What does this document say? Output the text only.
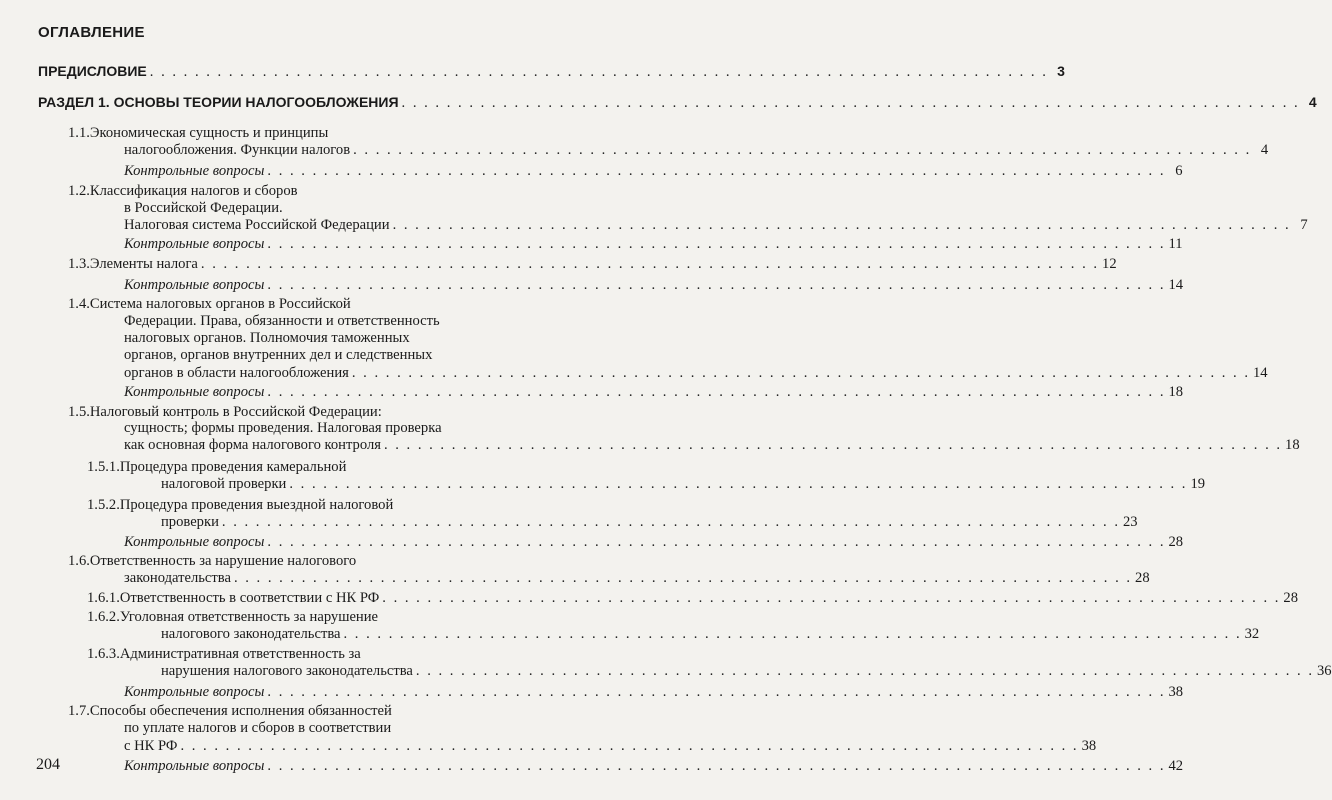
ОГЛАВЛЕНИЕ
ПРЕДИСЛОВИЕ . . . . . . . . . . . . . . . . . . . . . . . . . . . . . . . . . . . . . . . . . . . . . . . . . . . . . . . . . . . . . . . . . . . . . . . . . . . . . . . . 3
РАЗДЕЛ 1. ОСНОВЫ ТЕОРИИ НАЛОГООБЛОЖЕНИЯ . . . . . . . . . . . . . . . . . . . . . . . . . . . . . . . . . . . . . . . . . . . . . . . . . . . . . . . . . . . . . . . . . . . . . . . . . . . . . . . . 4
1.1.Экономическая сущность и принципы
налогообложения. Функции налогов . . . . . . . . . . . . . . . . . . . . . . . . . . . . . . . . . . . . . . . . . . . . . . . . . . . . . . . . . . . . . . . . . . . . . . . . . . . . . . . . 4
Контрольные вопросы . . . . . . . . . . . . . . . . . . . . . . . . . . . . . . . . . . . . . . . . . . . . . . . . . . . . . . . . . . . . . . . . . . . . . . . . . . . . . . . . 6
1.2.Классификация налогов и сборов
в Российской Федерации.
Налоговая система Российской Федерации . . . . . . . . . . . . . . . . . . . . . . . . . . . . . . . . . . . . . . . . . . . . . . . . . . . . . . . . . . . . . . . . . . . . . . . . . . . . . . . . 7
Контрольные вопросы . . . . . . . . . . . . . . . . . . . . . . . . . . . . . . . . . . . . . . . . . . . . . . . . . . . . . . . . . . . . . . . . . . . . . . . . . . . . . . . . 11
1.3. Элементы налога . . . . . . . . . . . . . . . . . . . . . . . . . . . . . . . . . . . . . . . . . . . . . . . . . . . . . . . . . . . . . . . . . . . . . . . . . . . . . . . . 12
Контрольные вопросы . . . . . . . . . . . . . . . . . . . . . . . . . . . . . . . . . . . . . . . . . . . . . . . . . . . . . . . . . . . . . . . . . . . . . . . . . . . . . . . . 14
1.4.Система налоговых органов в Российской
Федерации. Права, обязанности и ответственность
налоговых органов. Полномочия таможенных
органов, органов внутренних дел и следственных
органов в области налогообложения . . . . . . . . . . . . . . . . . . . . . . . . . . . . . . . . . . . . . . . . . . . . . . . . . . . . . . . . . . . . . . . . . . . . . . . . . . . . . . . . 14
Контрольные вопросы . . . . . . . . . . . . . . . . . . . . . . . . . . . . . . . . . . . . . . . . . . . . . . . . . . . . . . . . . . . . . . . . . . . . . . . . . . . . . . . . 18
1.5.Налоговый контроль в Российской Федерации:
сущность; формы проведения. Налоговая проверка
как основная форма налогового контроля . . . . . . . . . . . . . . . . . . . . . . . . . . . . . . . . . . . . . . . . . . . . . . . . . . . . . . . . . . . . . . . . . . . . . . . . . . . . . . . . 18
1.5.1.Процедура проведения камеральной
налоговой проверки . . . . . . . . . . . . . . . . . . . . . . . . . . . . . . . . . . . . . . . . . . . . . . . . . . . . . . . . . . . . . . . . . . . . . . . . . . . . . . . . 19
1.5.2.Процедура проведения выездной налоговой
проверки . . . . . . . . . . . . . . . . . . . . . . . . . . . . . . . . . . . . . . . . . . . . . . . . . . . . . . . . . . . . . . . . . . . . . . . . . . . . . . . . 23
Контрольные вопросы . . . . . . . . . . . . . . . . . . . . . . . . . . . . . . . . . . . . . . . . . . . . . . . . . . . . . . . . . . . . . . . . . . . . . . . . . . . . . . . . 28
1.6.Ответственность за нарушение налогового
законодательства . . . . . . . . . . . . . . . . . . . . . . . . . . . . . . . . . . . . . . . . . . . . . . . . . . . . . . . . . . . . . . . . . . . . . . . . . . . . . . . . 28
1.6.1. Ответственность в соответствии с НК РФ . . . . . . . . . . . . . . . . . . . . . . . . . . . . . . . . . . . . . . . . . . . . . . . . . . . . . . . . . . . . . . . . . . . . . . . . . . . . . . . . 28
1.6.2.Уголовная ответственность за нарушение
налогового законодательства . . . . . . . . . . . . . . . . . . . . . . . . . . . . . . . . . . . . . . . . . . . . . . . . . . . . . . . . . . . . . . . . . . . . . . . . . . . . . . . . 32
1.6.3.Административная ответственность за
нарушения налогового законодательства . . . . . . . . . . . . . . . . . . . . . . . . . . . . . . . . . . . . . . . . . . . . . . . . . . . . . . . . . . . . . . . . . . . . . . . . . . . . . . . . 36
Контрольные вопросы . . . . . . . . . . . . . . . . . . . . . . . . . . . . . . . . . . . . . . . . . . . . . . . . . . . . . . . . . . . . . . . . . . . . . . . . . . . . . . . . 38
1.7.Способы обеспечения исполнения обязанностей
по уплате налогов и сборов в соответствии
с НК РФ . . . . . . . . . . . . . . . . . . . . . . . . . . . . . . . . . . . . . . . . . . . . . . . . . . . . . . . . . . . . . . . . . . . . . . . . . . . . . . . . 38
Контрольные вопросы . . . . . . . . . . . . . . . . . . . . . . . . . . . . . . . . . . . . . . . . . . . . . . . . . . . . . . . . . . . . . . . . . . . . . . . . . . . . . . . . 42
204
